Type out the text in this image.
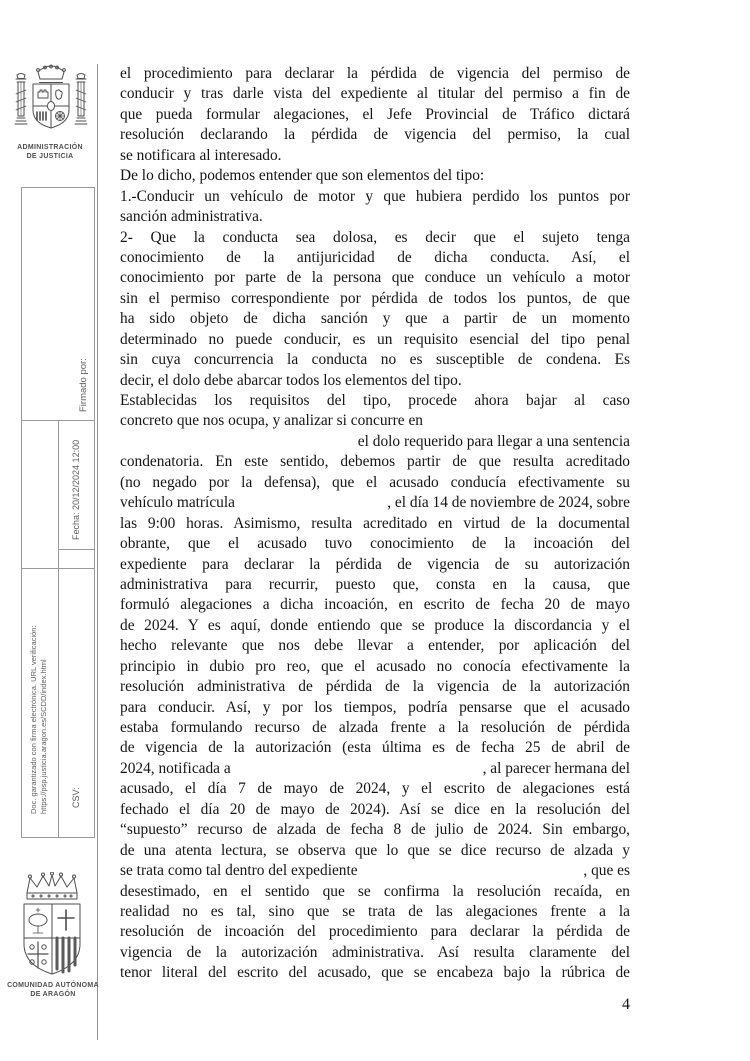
ADMINISTRACIÓN
DE JUSTICIA
Firmado por:
Fecha: 20/12/2024 12:00
Doc. garantizado con firma electrónica. URL verificación: https://psp.justicia.aragon.es/SCDD/index.html	CSV:
COMUNIDAD AUTÓNOMA
DE ARAGÓN
el procedimiento para declarar la pérdida de vigencia del permiso de
conducir y tras darle vista del expediente al titular del permiso a fin de
que pueda formular alegaciones, el Jefe Provincial de Tráfico dictará
resolución declarando la pérdida de vigencia del permiso, la cual
se notificara al interesado.
De lo dicho, podemos entender que son elementos del tipo:
1.-Conducir un vehículo de motor y que hubiera perdido los puntos por
sanción administrativa.
2- Que la conducta sea dolosa, es decir que el sujeto tenga
conocimiento de la antijuricidad de dicha conducta. Así, el
conocimiento por parte de la persona que conduce un vehículo a motor
sin el permiso correspondiente por pérdida de todos los puntos, de que
ha sido objeto de dicha sanción y que a partir de un momento
determinado no puede conducir, es un requisito esencial del tipo penal
sin cuya concurrencia la conducta no es susceptible de condena. Es
decir, el dolo debe abarcar todos los elementos del tipo.
Establecidas los requisitos del tipo, procede ahora bajar al caso
concreto que nos ocupa, y analizar si concurre en
el dolo requerido para llegar a una sentencia
condenatoria. En este sentido, debemos partir de que resulta acreditado
(no negado por la defensa), que el acusado conducía efectivamente su
vehículo matrícula	, el día 14 de noviembre de 2024, sobre
las 9:00 horas. Asimismo, resulta acreditado en virtud de la documental
obrante, que el acusado tuvo conocimiento de la incoación del
expediente para declarar la pérdida de vigencia de su autorización
administrativa para recurrir, puesto que, consta en la causa, que
formuló alegaciones a dicha incoación, en escrito de fecha 20 de mayo
de 2024. Y es aquí, donde entiendo que se produce la discordancia y el
hecho relevante que nos debe llevar a entender, por aplicación del
principio in dubio pro reo, que el acusado no conocía efectivamente la
resolución administrativa de pérdida de la vigencia de la autorización
para conducir. Así, y por los tiempos, podría pensarse que el acusado
estaba formulando recurso de alzada frente a la resolución de pérdida
de vigencia de la autorización (esta última es de fecha 25 de abril de
2024, notificada a	, al parecer hermana del
acusado, el día 7 de mayo de 2024, y el escrito de alegaciones está
fechado el día 20 de mayo de 2024). Así se dice en la resolución del
“supuesto” recurso de alzada de fecha 8 de julio de 2024. Sin embargo,
de una atenta lectura, se observa que lo que se dice recurso de alzada y
se trata como tal dentro del expediente	, que es
desestimado, en el sentido que se confirma la resolución recaída, en
realidad no es tal, sino que se trata de las alegaciones frente a la
resolución de incoación del procedimiento para declarar la pérdida de
vigencia de la autorización administrativa. Así resulta claramente del
tenor literal del escrito del acusado, que se encabeza bajo la rúbrica de
4
